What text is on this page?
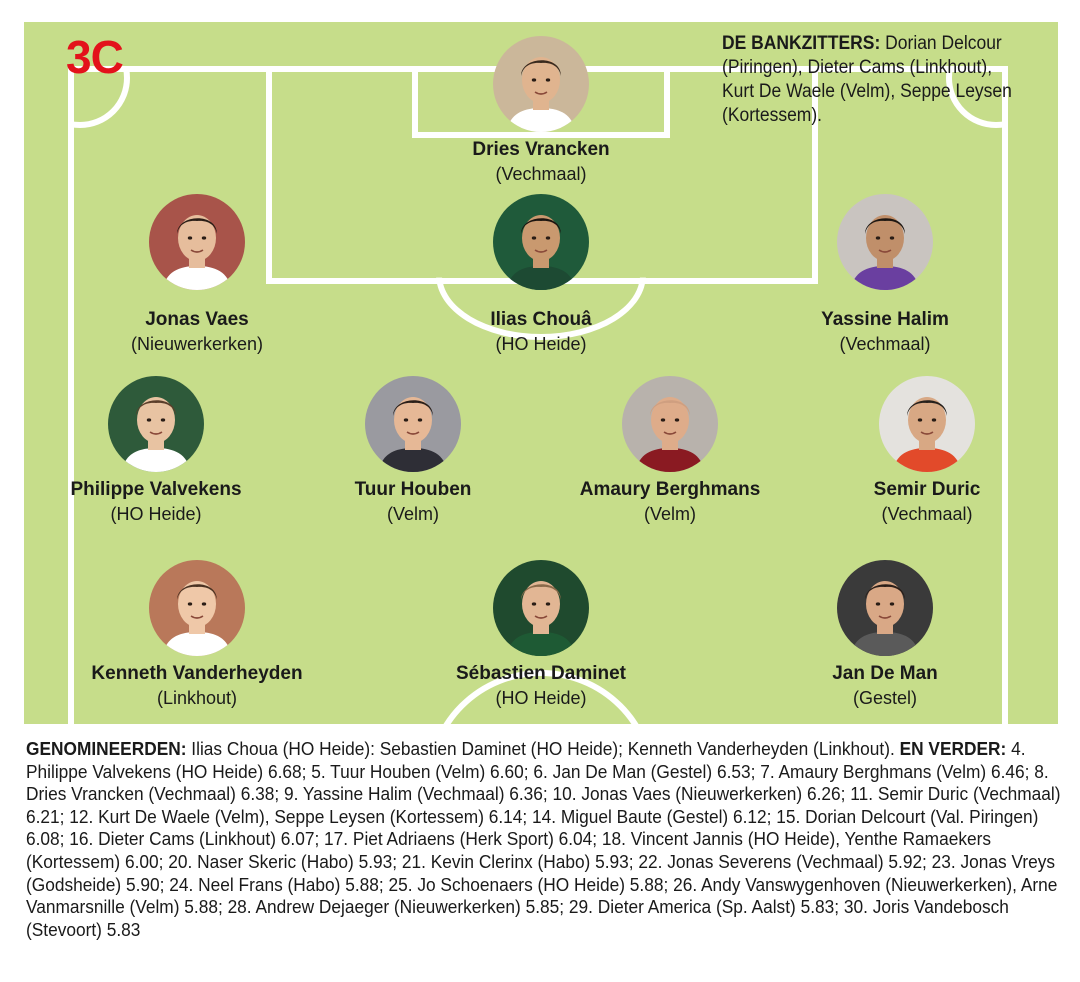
3C	DE BANKZITTERS: Dorian Delcour (Piringen), Dieter Cams (Linkhout), Kurt De Waele (Velm), Seppe Leysen (Kortessem).
Dries Vrancken
(Vechmaal)
Jonas Vaes
(Nieuwerkerken)
Ilias Chouâ
(HO Heide)
Yassine Halim
(Vechmaal)
Philippe Valvekens
(HO Heide)
Tuur Houben
(Velm)
Amaury Berghmans
(Velm)
Semir Duric
(Vechmaal)
Kenneth Vanderheyden
(Linkhout)
Sébastien Daminet
(HO Heide)
Jan De Man
(Gestel)
GENOMINEERDEN: Ilias Choua (HO Heide): Sebastien Daminet (HO Heide); Kenneth Vanderheyden (Linkhout). EN VERDER: 4. Philippe Valvekens (HO Heide) 6.68; 5. Tuur Houben (Velm) 6.60; 6. Jan De Man (Gestel) 6.53; 7. Amaury Berghmans (Velm) 6.46; 8. Dries Vrancken (Vechmaal) 6.38; 9. Yassine Halim (Vechmaal) 6.36; 10. Jonas Vaes (Nieuwerkerken) 6.26; 11. Semir Duric (Vechmaal) 6.21; 12. Kurt De Waele (Velm), Seppe Leysen (Kortessem) 6.14; 14. Miguel Baute (Gestel) 6.12; 15. Dorian Delcourt (Val. Piringen) 6.08; 16. Dieter Cams (Linkhout) 6.07; 17. Piet Adriaens (Herk Sport) 6.04; 18. Vincent Jannis (HO Heide), Yenthe Ramaekers (Kortessem) 6.00; 20. Naser Skeric (Habo) 5.93; 21. Kevin Clerinx (Habo) 5.93; 22. Jonas Severens (Vechmaal) 5.92; 23. Jonas Vreys (Godsheide) 5.90; 24. Neel Frans (Habo) 5.88; 25. Jo Schoenaers (HO Heide) 5.88; 26. Andy Vanswygenhoven (Nieuwerkerken), Arne Vanmarsnille (Velm) 5.88; 28. Andrew Dejaeger (Nieuwerkerken) 5.85; 29. Dieter America (Sp. Aalst) 5.83; 30. Joris Vandebosch (Stevoort) 5.83
